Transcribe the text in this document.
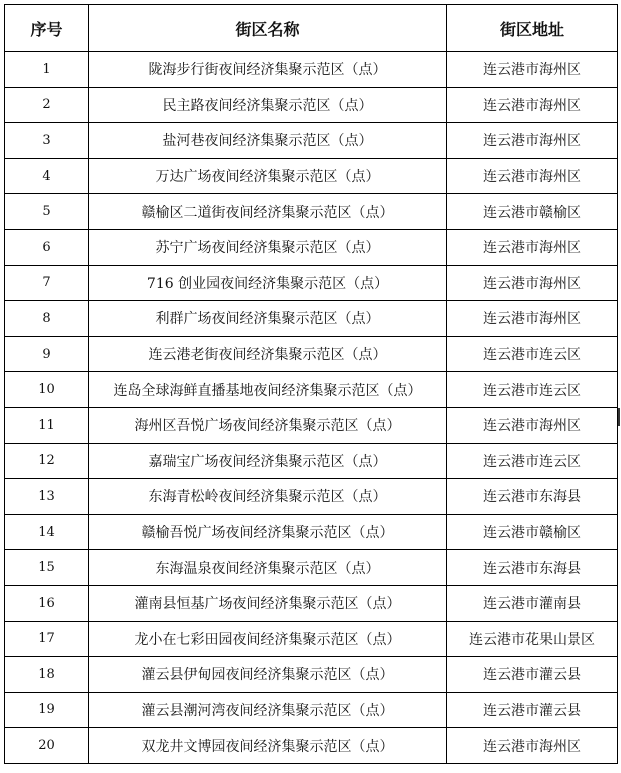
序号	街区名称	街区地址
1	陇海步行街夜间经济集聚示范区（点）	连云港市海州区
2	民主路夜间经济集聚示范区（点）	连云港市海州区
3	盐河巷夜间经济集聚示范区（点）	连云港市海州区
4	万达广场夜间经济集聚示范区（点）	连云港市海州区
5	赣榆区二道街夜间经济集聚示范区（点）	连云港市赣榆区
6	苏宁广场夜间经济集聚示范区（点）	连云港市海州区
7	716 创业园夜间经济集聚示范区（点）	连云港市海州区
8	利群广场夜间经济集聚示范区（点）	连云港市海州区
9	连云港老街夜间经济集聚示范区（点）	连云港市连云区
10	连岛全球海鲜直播基地夜间经济集聚示范区（点）	连云港市连云区
11	海州区吾悦广场夜间经济集聚示范区（点）	连云港市海州区
12	嘉瑞宝广场夜间经济集聚示范区（点）	连云港市连云区
13	东海青松岭夜间经济集聚示范区（点）	连云港市东海县
14	赣榆吾悦广场夜间经济集聚示范区（点）	连云港市赣榆区
15	东海温泉夜间经济集聚示范区（点）	连云港市东海县
16	灌南县恒基广场夜间经济集聚示范区（点）	连云港市灌南县
17	龙小在七彩田园夜间经济集聚示范区（点）	连云港市花果山景区
18	灌云县伊甸园夜间经济集聚示范区（点）	连云港市灌云县
19	灌云县潮河湾夜间经济集聚示范区（点）	连云港市灌云县
20	双龙井文博园夜间经济集聚示范区（点）	连云港市海州区
